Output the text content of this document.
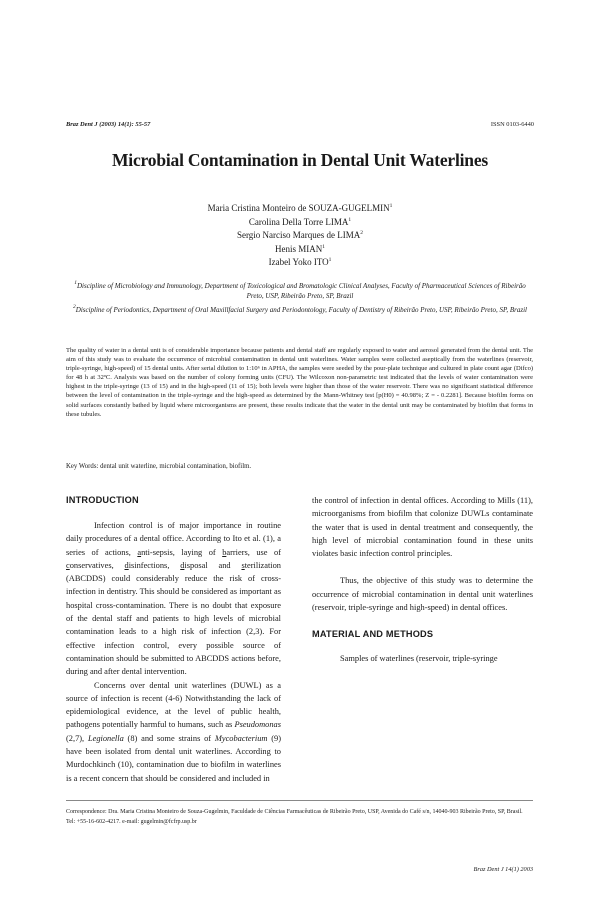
Braz Dent J (2003) 14(1): 55-57	ISSN 0103-6440
Microbial Contamination in Dental Unit Waterlines
Maria Cristina Monteiro de SOUZA-GUGELMIN$^1$
Carolina Della Torre LIMA$^1$
Sergio Narciso Marques de LIMA$^2$
Henis MIAN$^1$
Izabel Yoko ITO$^1$
$^1$Discipline of Microbiology and Immunology, Department of Toxicological and Bromatologic Clinical Analyses, Faculty of Pharmaceutical Sciences of Ribeirão Preto, USP, Ribeirão Preto, SP, Brazil
$^2$Discipline of Periodontics, Department of Oral Maxillfacial Surgery and Periodontology, Faculty of Dentistry of Ribeirão Preto, USP, Ribeirão Preto, SP, Brazil
The quality of water in a dental unit is of considerable importance because patients and dental staff are regularly exposed to water and aerosol generated from the dental unit. The aim of this study was to evaluate the occurrence of microbial contamination in dental unit waterlines. Water samples were collected aseptically from the waterlines (reservoir, triple-syringe, high-speed) of 15 dental units. After serial dilution to 1:10⁶ in APHA, the samples were seeded by the pour-plate technique and cultured in plate count agar (Difco) for 48 h at 32ºC. Analysis was based on the number of colony forming units (CFU). The Wilcoxon non-parametric test indicated that the levels of water contamination were highest in the triple-syringe (13 of 15) and in the high-speed (11 of 15); both levels were higher than those of the water reservoir. There was no significant statistical difference between the level of contamination in the triple-syringe and the high-speed as determined by the Mann-Whitney test [p(H0) = 40.98%; Z = - 0.2281]. Because biofilm forms on solid surfaces constantly bathed by liquid where microorganisms are present, these results indicate that the water in the dental unit may be contaminated by biofilm that forms in these tubules.
Key Words: dental unit waterline, microbial contamination, biofilm.
INTRODUCTION

Infection control is of major importance in routine daily procedures of a dental office. According to Ito et al. (1), a series of actions, anti-sepsis, laying of barriers, use of conservatives, disinfections, disposal and sterilization (ABCDDS) could considerably reduce the risk of cross-infection in dentistry. This should be considered as important as hospital cross-contamination. There is no doubt that exposure of the dental staff and patients to high levels of microbial contamination leads to a high risk of infection (2,3). For effective infection control, every possible source of contamination should be submitted to ABCDDS actions before, during and after dental intervention.

Concerns over dental unit waterlines (DUWL) as a source of infection is recent (4-6) Notwithstanding the lack of epidemiological evidence, at the level of public health, pathogens potentially harmful to humans, such as Pseudomonas (2,7), Legionella (8) and some strains of Mycobacterium (9) have been isolated from dental unit waterlines. According to Murdochkinch (10), contamination due to biofilm in waterlines is a recent concern that should be considered and included in

the control of infection in dental offices. According to Mills (11), microorganisms from biofilm that colonize DUWLs contaminate the water that is used in dental treatment and consequently, the high level of microbial contamination found in these units violates basic infection control principles.

Thus, the objective of this study was to determine the occurrence of microbial contamination in dental unit waterlines (reservoir, triple-syringe and high-speed) in dental offices.

MATERIAL AND METHODS

Samples of waterlines (reservoir, triple-syringe

Correspondence: Dra. Maria Cristina Monteiro de Souza-Gugelmin, Faculdade de Ciências Farmacêuticas de Ribeirão Preto, USP, Avenida do Café s/n, 14040-903 Ribeirão Preto, SP, Brasil. Tel: +55-16-602-4217. e-mail: gugelmin@fcfrp.usp.br
Braz Dent J 14(1) 2003
